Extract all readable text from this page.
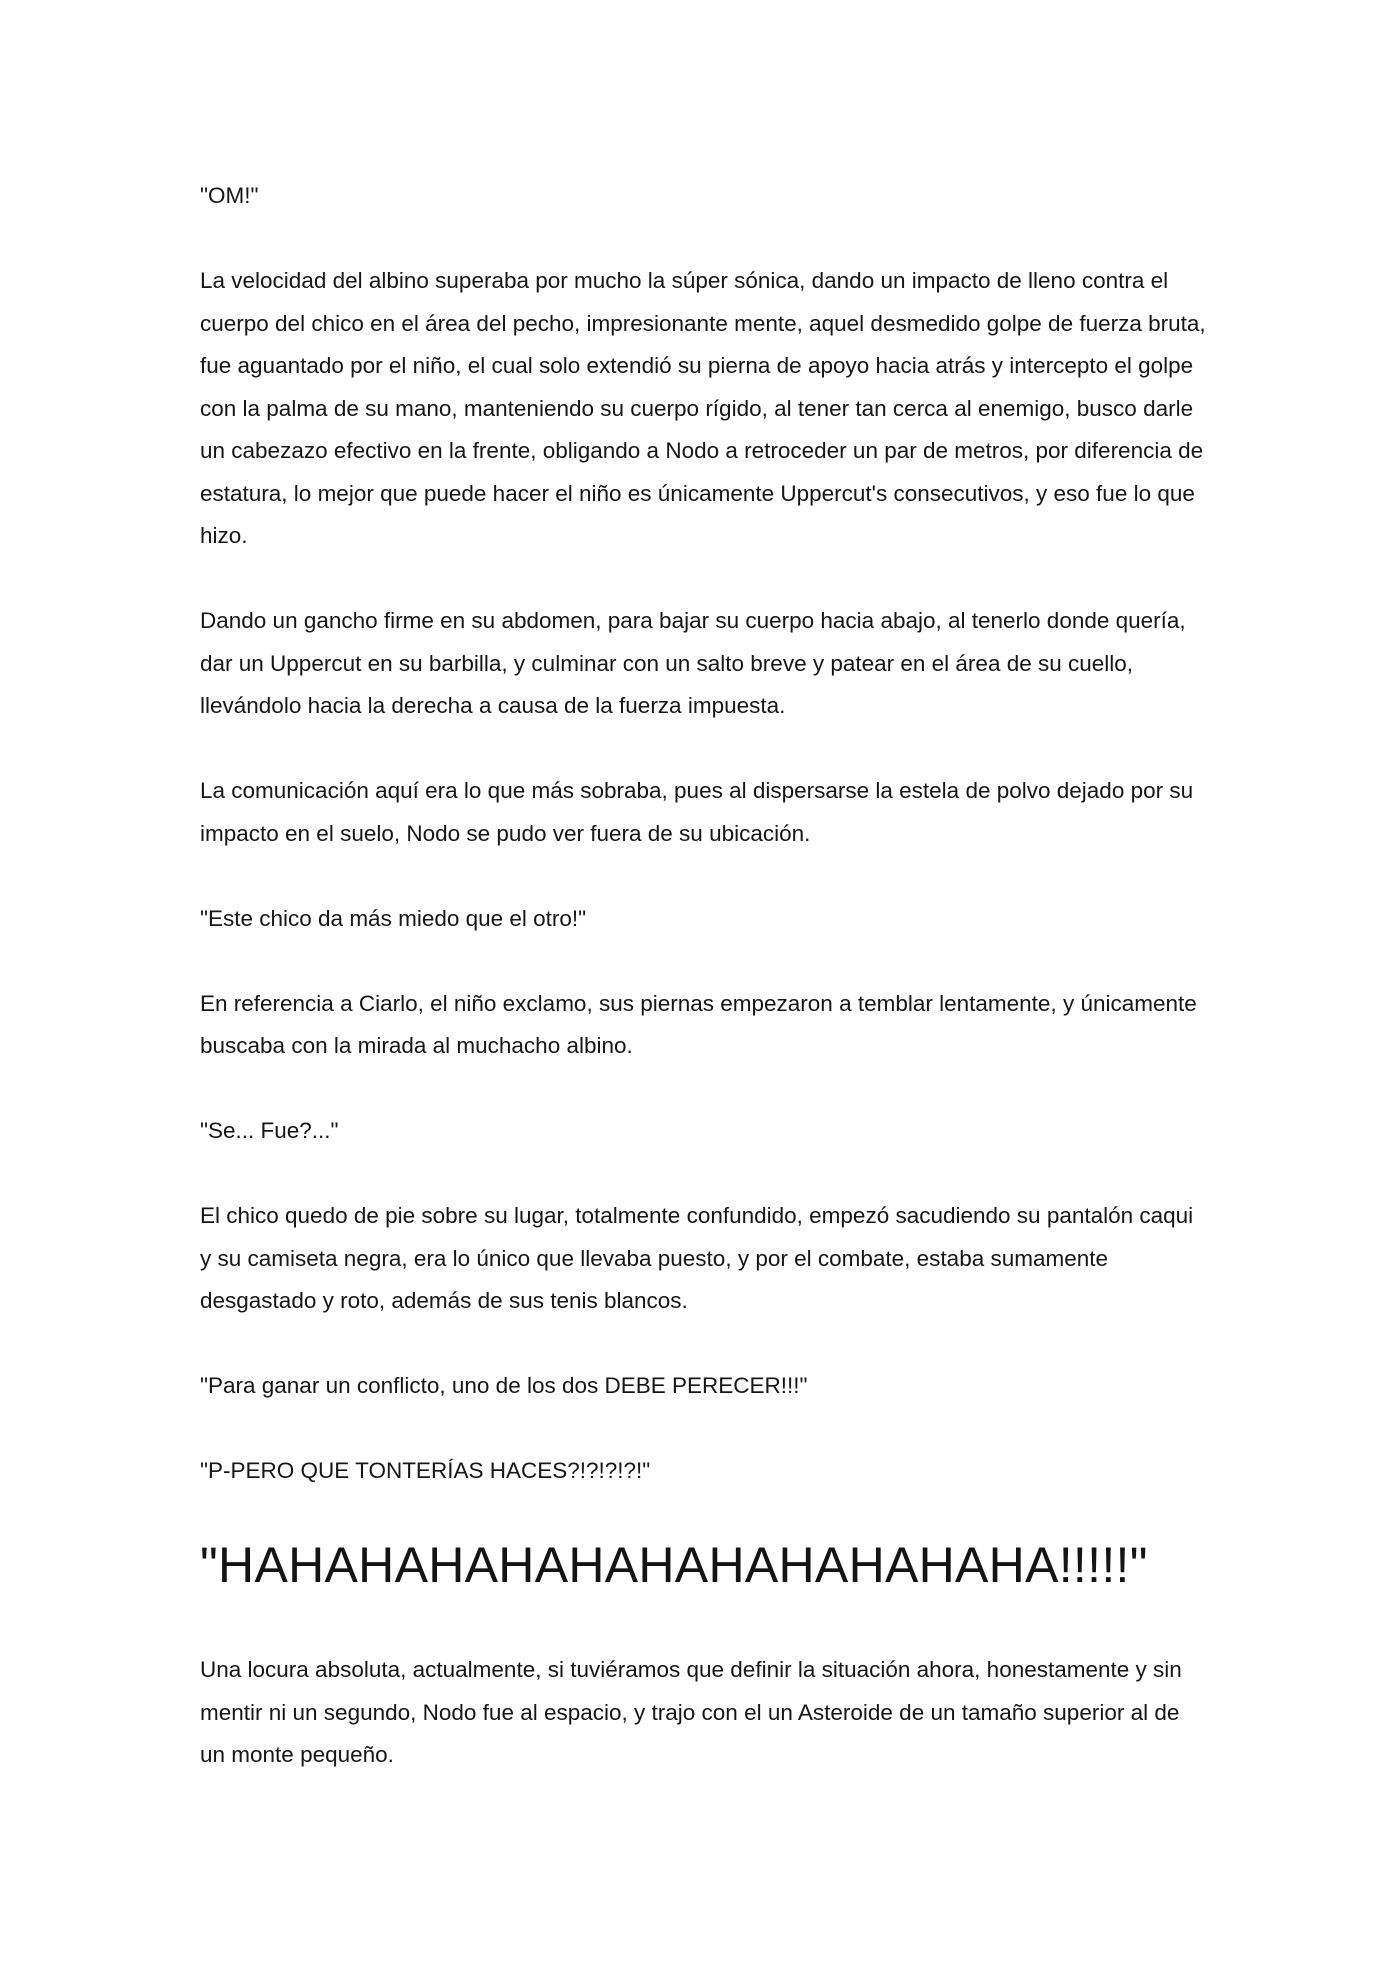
"OM!"

La velocidad del albino superaba por mucho la súper sónica, dando un impacto de lleno contra el cuerpo del chico en el área del pecho, impresionante mente, aquel desmedido golpe de fuerza bruta, fue aguantado por el niño, el cual solo extendió su pierna de apoyo hacia atrás y intercepto el golpe con la palma de su mano, manteniendo su cuerpo rígido, al tener tan cerca al enemigo, busco darle un cabezazo efectivo en la frente, obligando a Nodo a retroceder un par de metros, por diferencia de estatura, lo mejor que puede hacer el niño es únicamente Uppercut's consecutivos, y eso fue lo que hizo.

Dando un gancho firme en su abdomen, para bajar su cuerpo hacia abajo, al tenerlo donde quería, dar un Uppercut en su barbilla, y culminar con un salto breve y patear en el área de su cuello, llevándolo hacia la derecha a causa de la fuerza impuesta.

La comunicación aquí era lo que más sobraba, pues al dispersarse la estela de polvo dejado por su impacto en el suelo, Nodo se pudo ver fuera de su ubicación.

"Este chico da más miedo que el otro!"

En referencia a Ciarlo, el niño exclamo, sus piernas empezaron a temblar lentamente, y únicamente buscaba con la mirada al muchacho albino.

"Se... Fue?..."

El chico quedo de pie sobre su lugar, totalmente confundido, empezó sacudiendo su pantalón caqui y su camiseta negra, era lo único que llevaba puesto, y por el combate, estaba sumamente desgastado y roto, además de sus tenis blancos.

"Para ganar un conflicto, uno de los dos DEBE PERECER!!!"

"P-PERO QUE TONTERÍAS HACES?!?!?!?!"

"HAHAHAHAHAHAHAHAHAHAHAHA!!!!!"

Una locura absoluta, actualmente, si tuviéramos que definir la situación ahora, honestamente y sin mentir ni un segundo, Nodo fue al espacio, y trajo con el un Asteroide de un tamaño superior al de un monte pequeño.
